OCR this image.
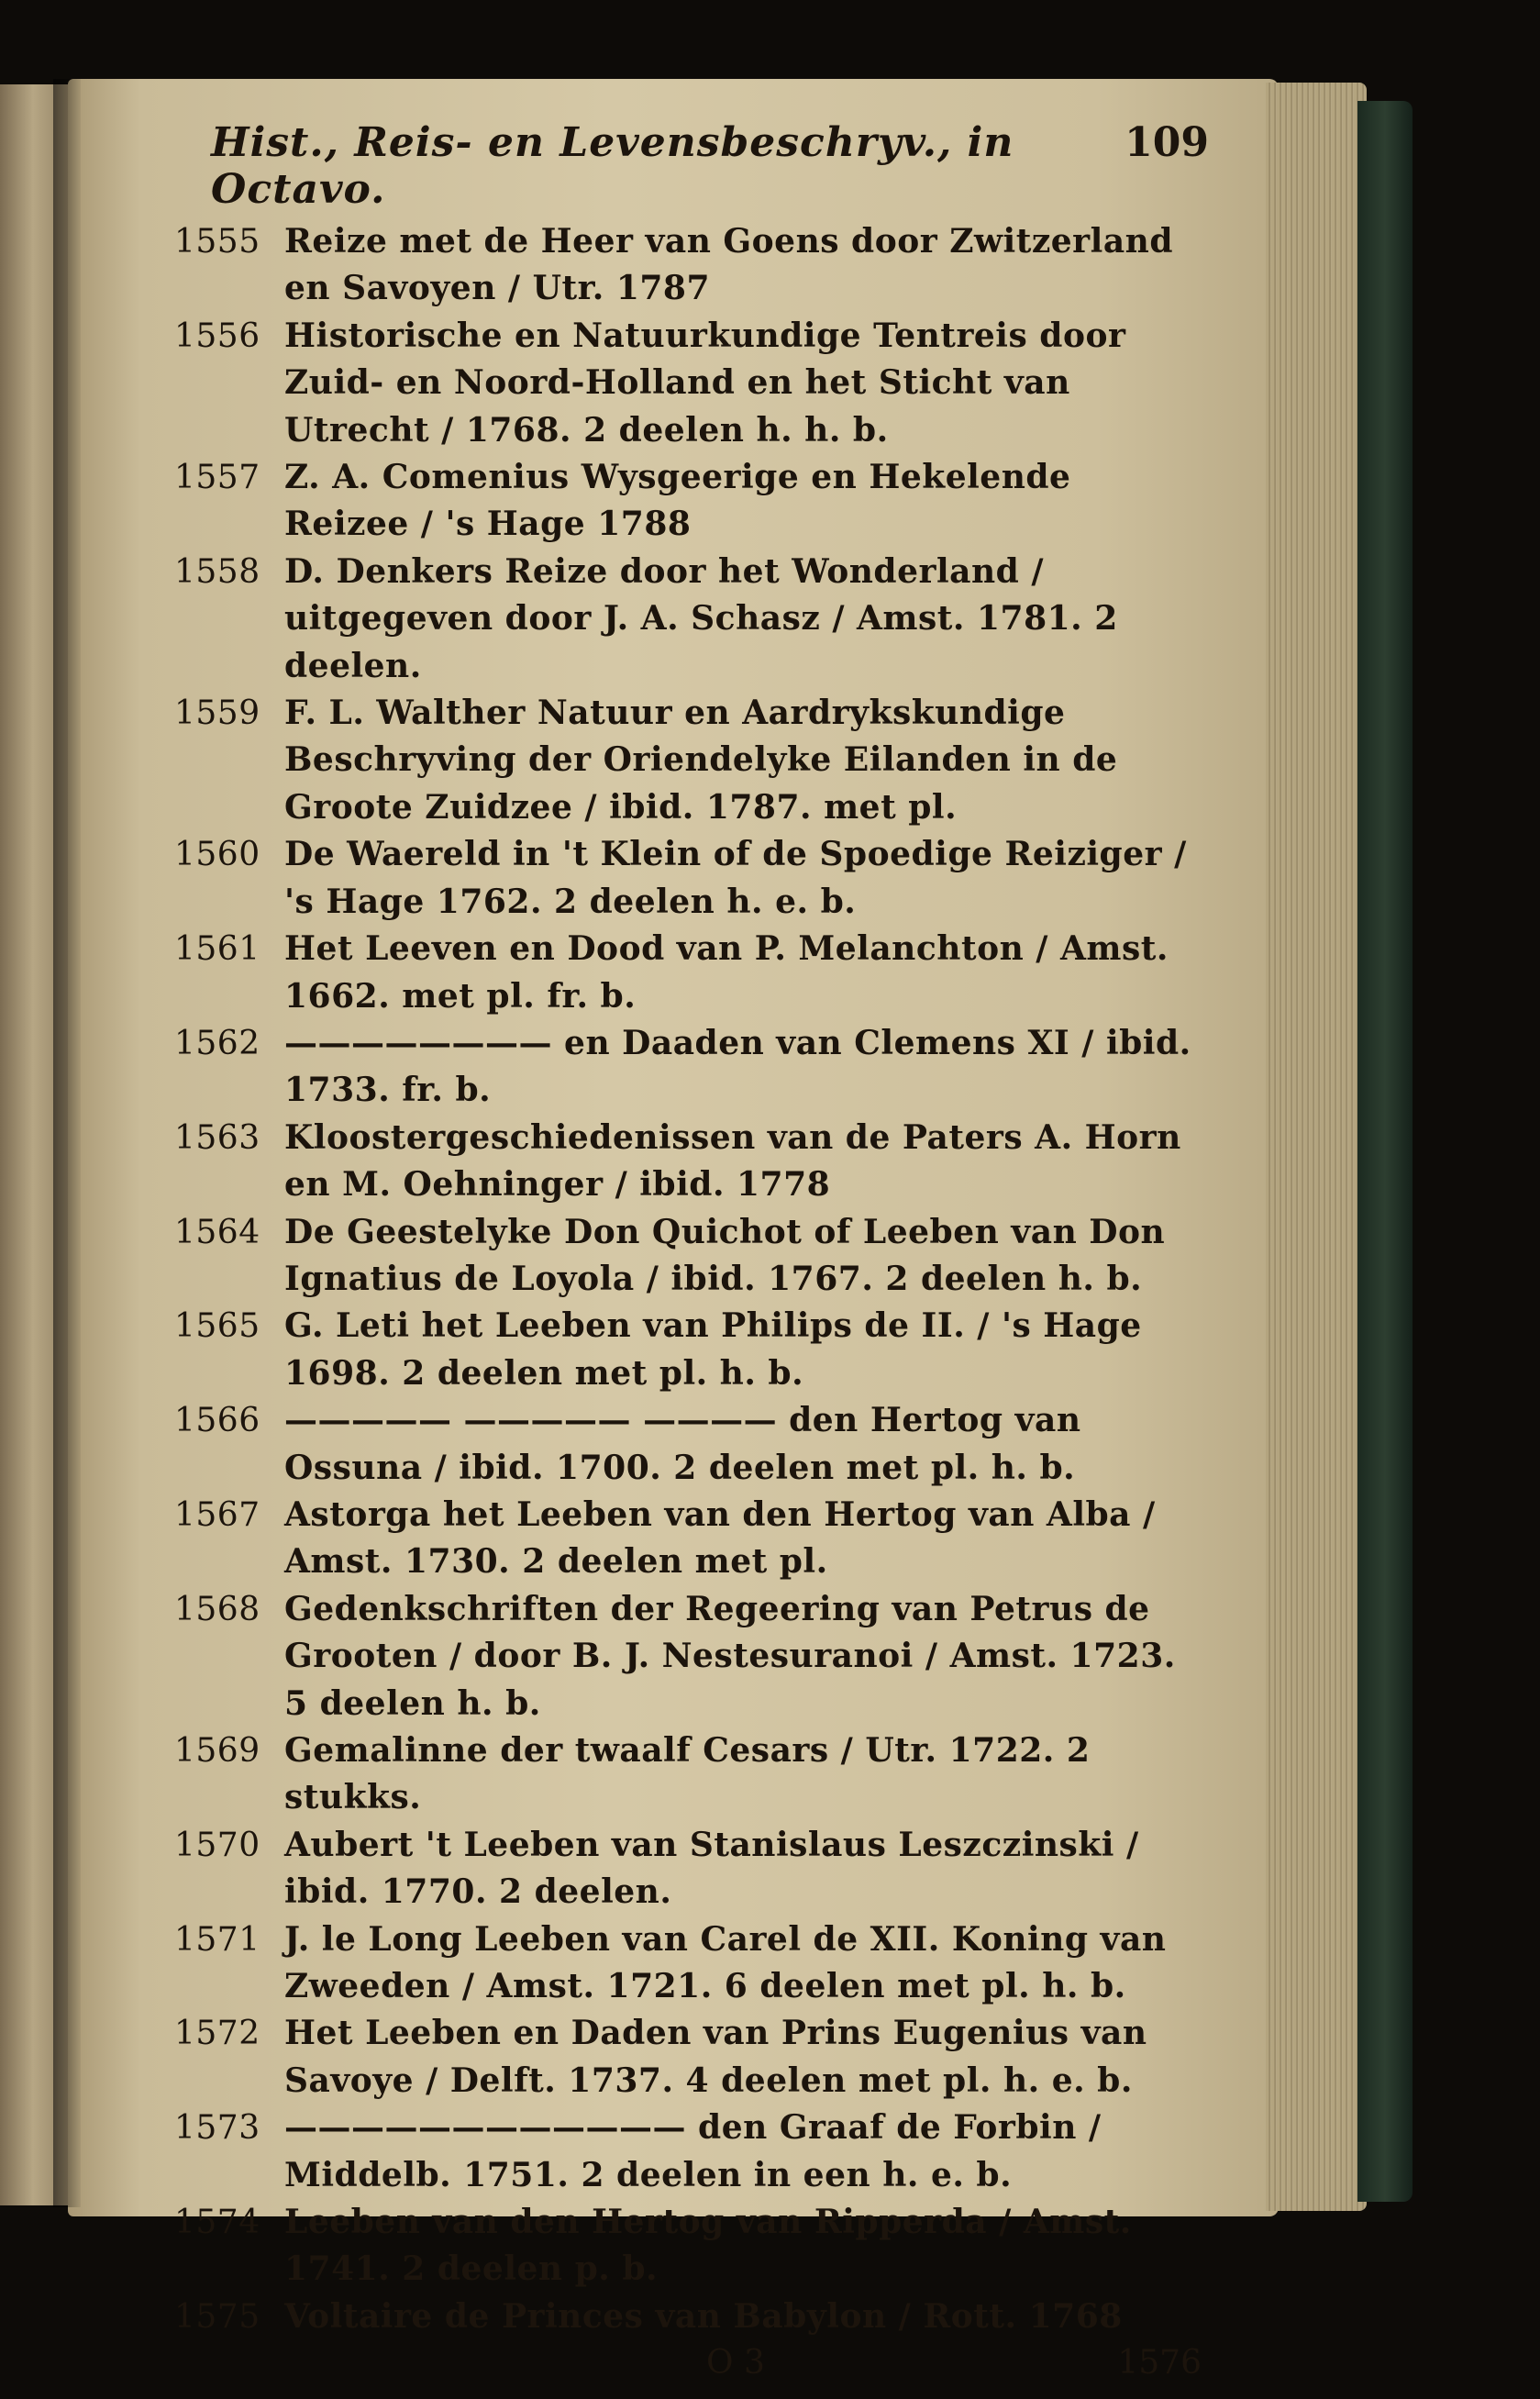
Hist., Reis- en Levensbeschryv., in Octavo.
109
1555 Reize met de Heer van Goens door Zwitzerland en Savoyen / Utr. 1787
1556 Historische en Natuurkundige Tentreis door Zuid- en Noord-Holland en het Sticht van Utrecht / 1768. 2 deelen h. h. b.
1557 Z. A. Comenius Wysgeerige en Hekelende Reizee / 's Hage 1788
1558 D. Denkers Reize door het Wonderland / uitgegeven door J. A. Schasz / Amst. 1781. 2 deelen.
1559 F. L. Walther Natuur en Aardrykskundige Beschryving der Oriendelyke Eilanden in de Groote Zuidzee / ibid. 1787. met pl.
1560 De Waereld in 't Klein of de Spoedige Reiziger / 's Hage 1762. 2 deelen h. e. b.
1561 Het Leeven en Dood van P. Melanchton / Amst. 1662. met pl. fr. b.
1562 ———————— en Daaden van Clemens XI / ibid. 1733. fr. b.
1563 Kloostergeschiedenissen van de Paters A. Horn en M. Oehninger / ibid. 1778
1564 De Geestelyke Don Quichot of Leeben van Don Ignatius de Loyola / ibid. 1767. 2 deelen h. b.
1565 G. Leti het Leeben van Philips de II. / 's Hage 1698. 2 deelen met pl. h. b.
1566 ————— ————— ———— den Hertog van Ossuna / ibid. 1700. 2 deelen met pl. h. b.
1567 Astorga het Leeben van den Hertog van Alba / Amst. 1730. 2 deelen met pl.
1568 Gedenkschriften der Regeering van Petrus de Grooten / door B. J. Nestesuranoi / Amst. 1723. 5 deelen h. b.
1569 Gemalinne der twaalf Cesars / Utr. 1722. 2 stukks.
1570 Aubert 't Leeben van Stanislaus Leszczinski / ibid. 1770. 2 deelen.
1571 J. le Long Leeben van Carel de XII. Koning van Zweeden / Amst. 1721. 6 deelen met pl. h. b.
1572 Het Leeben en Daden van Prins Eugenius van Savoye / Delft. 1737. 4 deelen met pl. h. e. b.
1573 ———————————— den Graaf de Forbin / Middelb. 1751. 2 deelen in een h. e. b.
1574 Leeben van den Hertog van Ripperda / Amst. 1741. 2 deelen p. b.
1575 Voltaire de Princes van Babylon / Rott. 1768
O 3	1576
